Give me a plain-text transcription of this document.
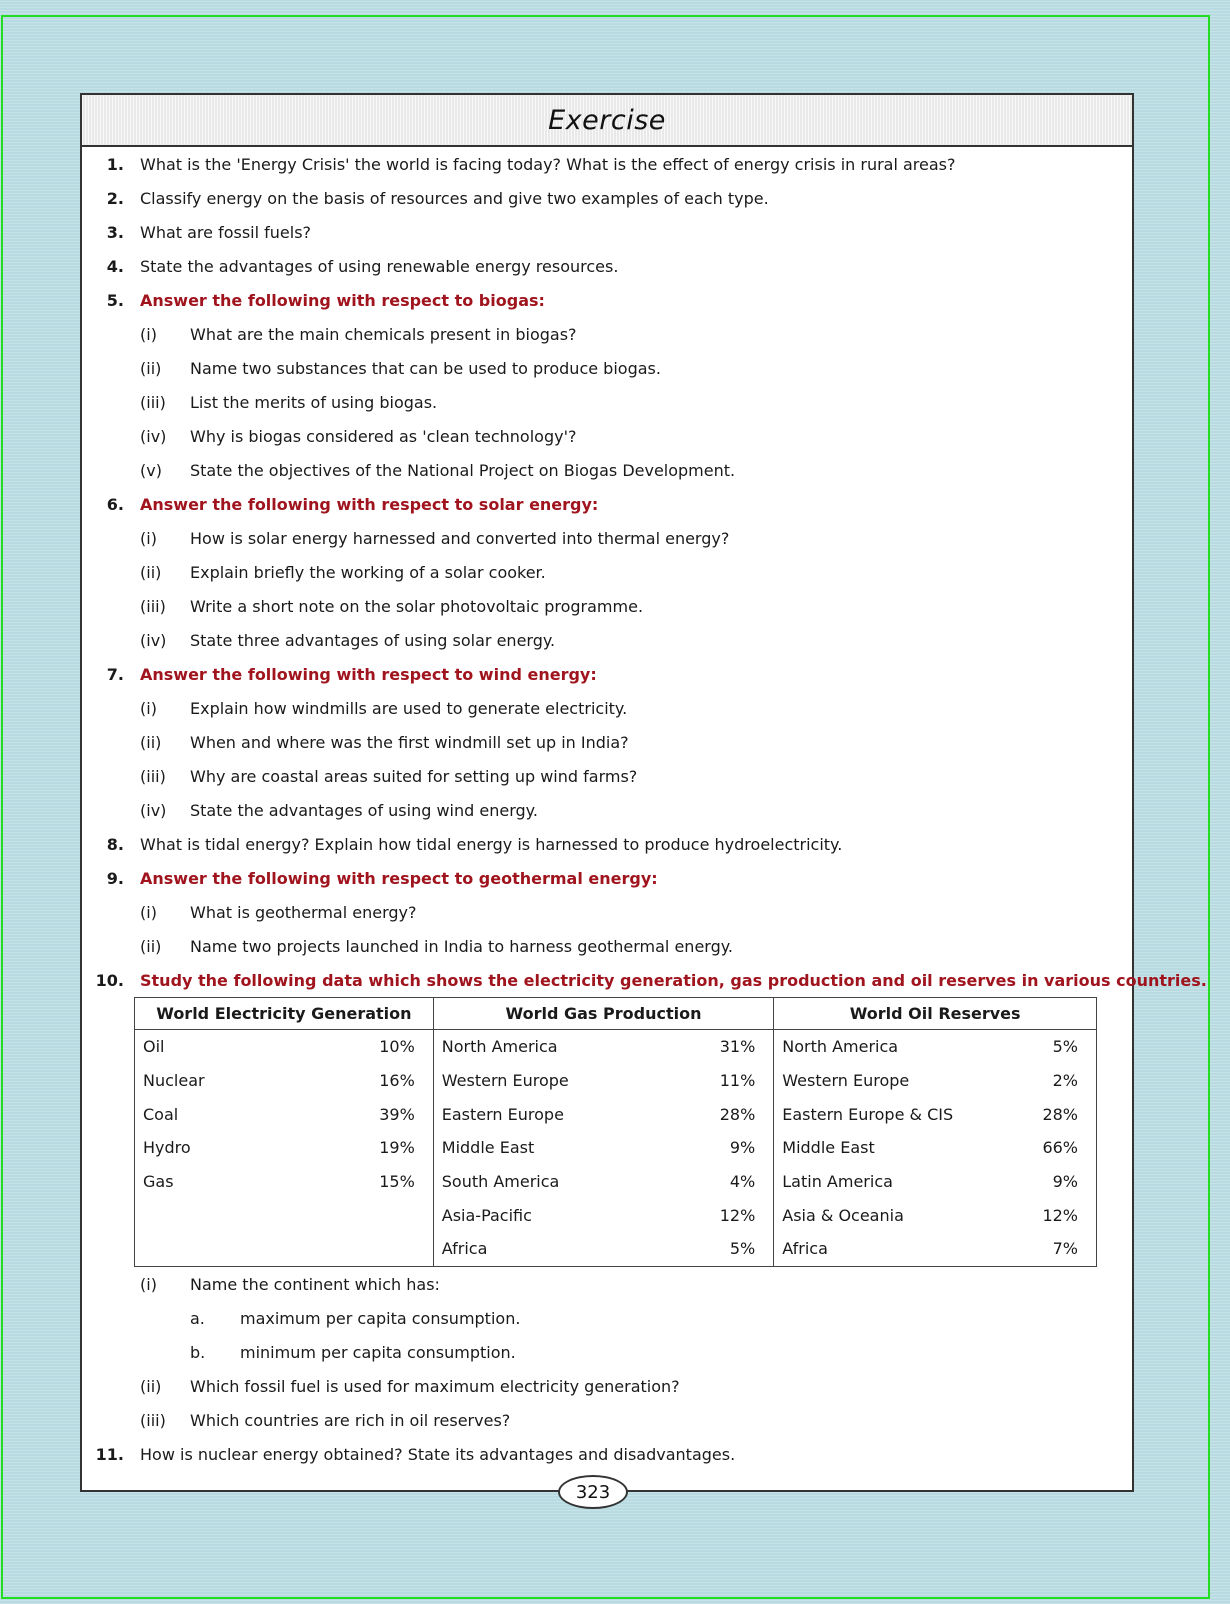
Exercise
1. What is the 'Energy Crisis' the world is facing today? What is the effect of energy crisis in rural areas?
2. Classify energy on the basis of resources and give two examples of each type.
3. What are fossil fuels?
4. State the advantages of using renewable energy resources.
5. Answer the following with respect to biogas:
(i) What are the main chemicals present in biogas?
(ii) Name two substances that can be used to produce biogas.
(iii) List the merits of using biogas.
(iv) Why is biogas considered as 'clean technology'?
(v) State the objectives of the National Project on Biogas Development.
6. Answer the following with respect to solar energy:
(i) How is solar energy harnessed and converted into thermal energy?
(ii) Explain briefly the working of a solar cooker.
(iii) Write a short note on the solar photovoltaic programme.
(iv) State three advantages of using solar energy.
7. Answer the following with respect to wind energy:
(i) Explain how windmills are used to generate electricity.
(ii) When and where was the first windmill set up in India?
(iii) Why are coastal areas suited for setting up wind farms?
(iv) State the advantages of using wind energy.
8. What is tidal energy? Explain how tidal energy is harnessed to produce hydroelectricity.
9. Answer the following with respect to geothermal energy:
(i) What is geothermal energy?
(ii) Name two projects launched in India to harness geothermal energy.
10. Study the following data which shows the electricity generation, gas production and oil reserves in various countries.
World Electricity Generation		World Gas Production		World Oil Reserves	
Oil	10%	North America	31%	North America	5%
Nuclear	16%	Western Europe	11%	Western Europe	2%
Coal	39%	Eastern Europe	28%	Eastern Europe & CIS	28%
Hydro	19%	Middle East	9%	Middle East	66%
Gas	15%	South America	4%	Latin America	9%
		Asia-Pacific	12%	Asia & Oceania	12%
		Africa	5%	Africa	7%
(i) Name the continent which has:
a. maximum per capita consumption.
b. minimum per capita consumption.
(ii) Which fossil fuel is used for maximum electricity generation?
(iii) Which countries are rich in oil reserves?
11. How is nuclear energy obtained? State its advantages and disadvantages.
323
